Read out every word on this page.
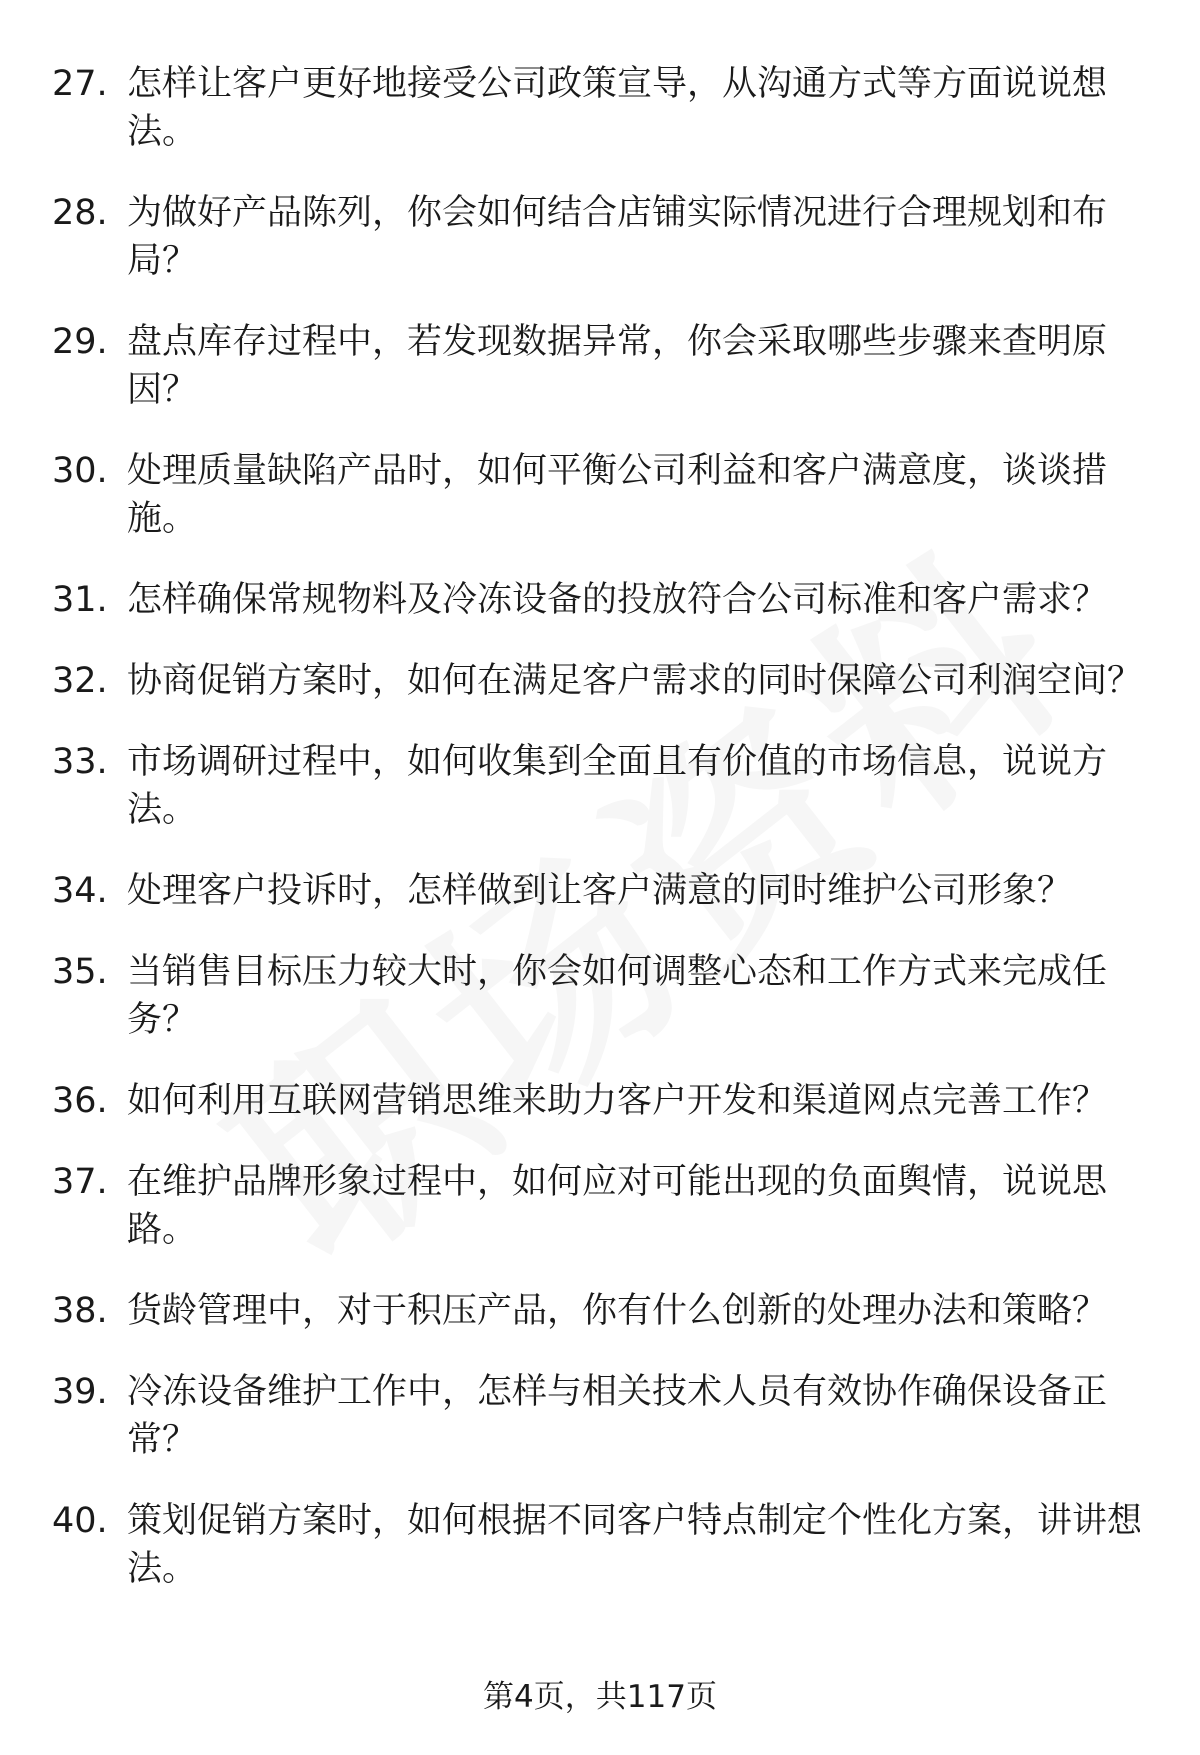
27. 怎样让客户更好地接受公司政策宣导，从沟通方式等方面说说想法。
28. 为做好产品陈列，你会如何结合店铺实际情况进行合理规划和布局？
29. 盘点库存过程中，若发现数据异常，你会采取哪些步骤来查明原因？
30. 处理质量缺陷产品时，如何平衡公司利益和客户满意度，谈谈措施。
31. 怎样确保常规物料及冷冻设备的投放符合公司标准和客户需求？
32. 协商促销方案时，如何在满足客户需求的同时保障公司利润空间？
33. 市场调研过程中，如何收集到全面且有价值的市场信息，说说方法。
34. 处理客户投诉时，怎样做到让客户满意的同时维护公司形象？
35. 当销售目标压力较大时，你会如何调整心态和工作方式来完成任务？
36. 如何利用互联网营销思维来助力客户开发和渠道网点完善工作？
37. 在维护品牌形象过程中，如何应对可能出现的负面舆情，说说思路。
38. 货龄管理中，对于积压产品，你有什么创新的处理办法和策略？
39. 冷冻设备维护工作中，怎样与相关技术人员有效协作确保设备正常？
40. 策划促销方案时，如何根据不同客户特点制定个性化方案，讲讲想法。
第4页，共117页
